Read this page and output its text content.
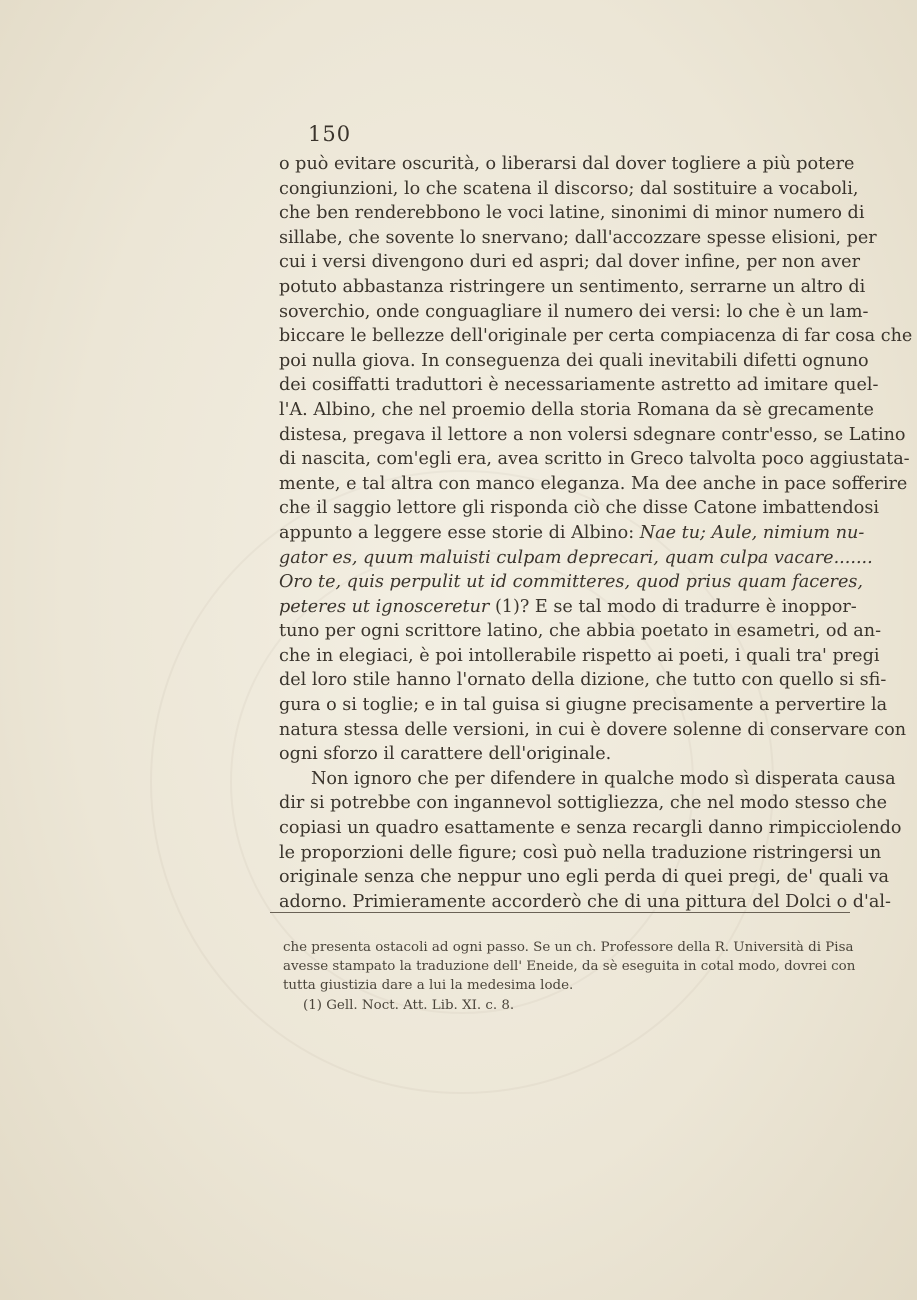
150
o può evitare oscurità, o liberarsi dal dover togliere a più potere
congiunzioni, lo che scatena il discorso; dal sostituire a vocaboli,
che ben renderebbono le voci latine, sinonimi di minor numero di
sillabe, che sovente lo snervano; dall'accozzare spesse elisioni, per
cui i versi divengono duri ed aspri; dal dover infine, per non aver
potuto abbastanza ristringere un sentimento, serrarne un altro di
soverchio, onde conguagliare il numero dei versi: lo che è un lam-
biccare le bellezze dell'originale per certa compiacenza di far cosa che
poi nulla giova. In conseguenza dei quali inevitabili difetti ognuno
dei cosiffatti traduttori è necessariamente astretto ad imitare quel-
l'A. Albino, che nel proemio della storia Romana da sè grecamente
distesa, pregava il lettore a non volersi sdegnare contr'esso, se Latino
di nascita, com'egli era, avea scritto in Greco talvolta poco aggiustata-
mente, e tal altra con manco eleganza. Ma dee anche in pace sofferire
che il saggio lettore gli risponda ciò che disse Catone imbattendosi
appunto a leggere esse storie di Albino: Nae tu; Aule, nimium nu-
gator es, quum maluisti culpam deprecari, quam culpa vacare.......
Oro te, quis perpulit ut id committeres, quod prius quam faceres,
peteres ut ignosceretur (1)? E se tal modo di tradurre è inoppor-
tuno per ogni scrittore latino, che abbia poetato in esametri, od an-
che in elegiaci, è poi intollerabile rispetto ai poeti, i quali tra' pregi
del loro stile hanno l'ornato della dizione, che tutto con quello si sfi-
gura o si toglie; e in tal guisa si giugne precisamente a pervertire la
natura stessa delle versioni, in cui è dovere solenne di conservare con
ogni sforzo il carattere dell'originale.
Non ignoro che per difendere in qualche modo sì disperata causa
dir si potrebbe con ingannevol sottigliezza, che nel modo stesso che
copiasi un quadro esattamente e senza recargli danno rimpicciolendo
le proporzioni delle figure; così può nella traduzione ristringersi un
originale senza che neppur uno egli perda di quei pregi, de' quali va
adorno. Primieramente accorderò che di una pittura del Dolci o d'al-
che presenta ostacoli ad ogni passo. Se un ch. Professore della R. Università di Pisa
avesse stampato la traduzione dell' Eneide, da sè eseguita in cotal modo, dovrei con
tutta giustizia dare a lui la medesima lode.
(1) Gell. Noct. Att. Lib. XI. c. 8.
